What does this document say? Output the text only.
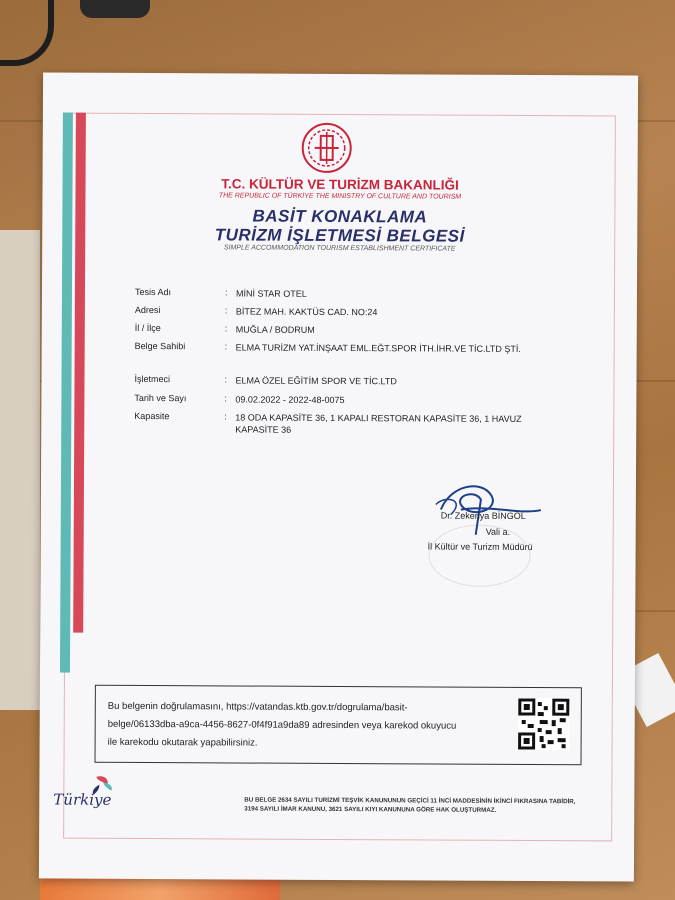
T.C. KÜLTÜR VE TURİZM BAKANLIĞI
THE REPUBLIC OF TÜRKİYE THE MINISTRY OF CULTURE AND TOURISM
BASİT KONAKLAMA
TURİZM İŞLETMESİ BELGESİ
SIMPLE ACCOMMODATION TOURISM ESTABLISHMENT CERTIFICATE
Tesis Adı	: MİNİ STAR OTEL
Adresi	: BİTEZ MAH. KAKTÜS CAD. NO:24
İl / İlçe	: MUĞLA / BODRUM
Belge Sahibi	: ELMA TURİZM YAT.İNŞAAT EML.EĞT.SPOR İTH.İHR.VE TİC.LTD ŞTİ.
İşletmeci	: ELMA ÖZEL EĞİTİM SPOR VE TİC.LTD
Tarih ve Sayı	: 09.02.2022 - 2022-48-0075
Kapasite	: 18 ODA KAPASİTE 36, 1 KAPALI RESTORAN KAPASİTE 36, 1 HAVUZ KAPASİTE 36
Dr. Zekeriya BİNGÖL
Vali a.
İl Kültür ve Turizm Müdürü
Bu belgenin doğrulamasını, https://vatandas.ktb.gov.tr/dogrulama/basit-belge/06133dba-a9ca-4456-8627-0f4f91a9da89 adresinden veya karekod okuyucu ile karekodu okutarak yapabilirsiniz.
Türkiye	BU BELGE 2634 SAYILI TURİZMİ TEŞVİK KANUNUNUN GEÇİCİ 11 İNCİ MADDESİNİN İKİNCİ FIKRASINA TABİDİR, 3194 SAYILI İMAR KANUNU, 3621 SAYILI KIYI KANUNUNA GÖRE HAK OLUŞTURMAZ.
